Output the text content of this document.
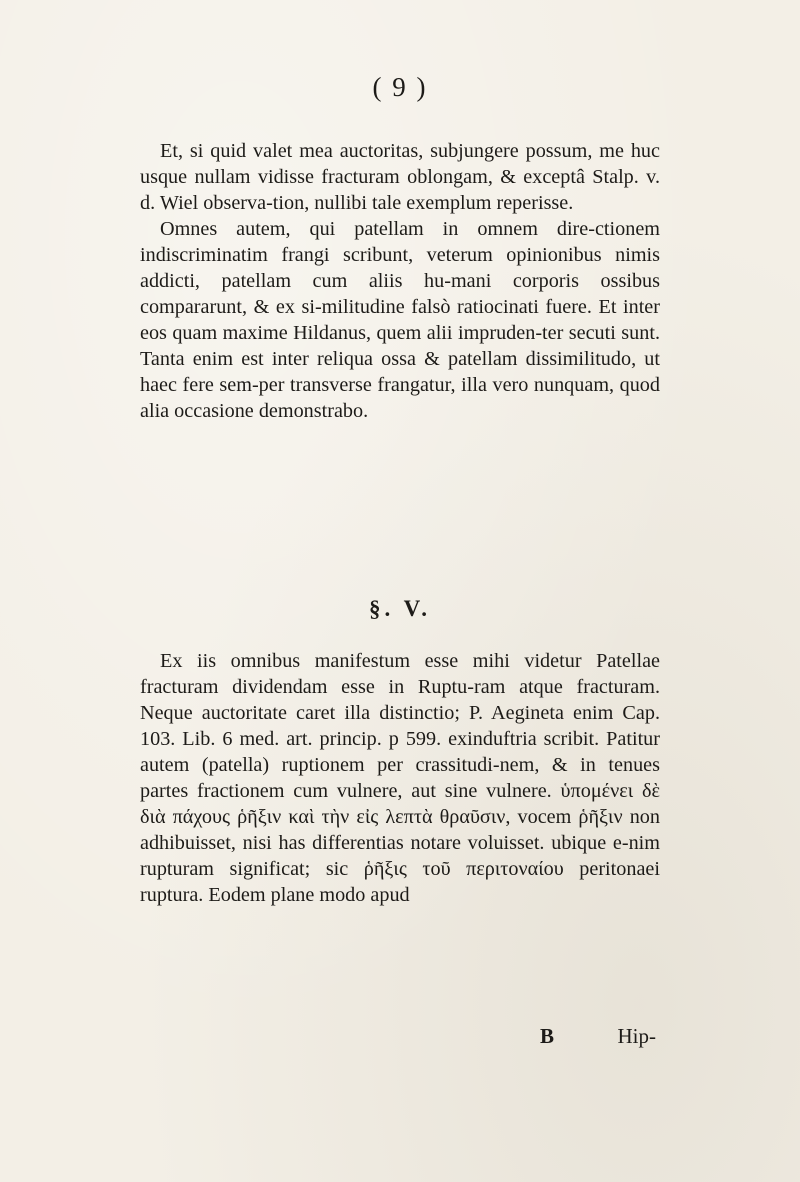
( 9 )

Et, si quid valet mea auctoritas, subjungere possum, me huc usque nullam vidisse fracturam oblongam, & exceptâ Stalp. v. d. Wiel observa-tion, nullibi tale exemplum reperisse.

Omnes autem, qui patellam in omnem dire-ctionem indiscriminatim frangi scribunt, veterum opinionibus nimis addicti, patellam cum aliis hu-mani corporis ossibus compararunt, & ex si-militudine falsò ratiocinati fuere. Et inter eos quam maxime Hildanus, quem alii impruden-ter secuti sunt. Tanta enim est inter reliqua ossa & patellam dissimilitudo, ut haec fere sem-per transverse frangatur, illa vero nunquam, quod alia occasione demonstrabo.

§. V.

Ex iis omnibus manifestum esse mihi videtur Patellae fracturam dividendam esse in Ruptu-ram atque fracturam. Neque auctoritate caret illa distinctio; P. Aegineta enim Cap. 103. Lib. 6 med. art. princip. p 599. exinduftria scribit. Patitur autem (patella) ruptionem per crassitudi-nem, & in tenues partes fractionem cum vulnere, aut sine vulnere. ὑπομένει δὲ διὰ πάχους ῥῆξιν καὶ τὴν εἰς λεπτὰ θραῦσιν, vocem ῥῆξιν non adhibuisset, nisi has differentias notare voluisset. ubique e-nim rupturam significat; sic ῥῆξις τοῦ περιτοναίου peritonaei ruptura. Eodem plane modo apud

B	Hip-
